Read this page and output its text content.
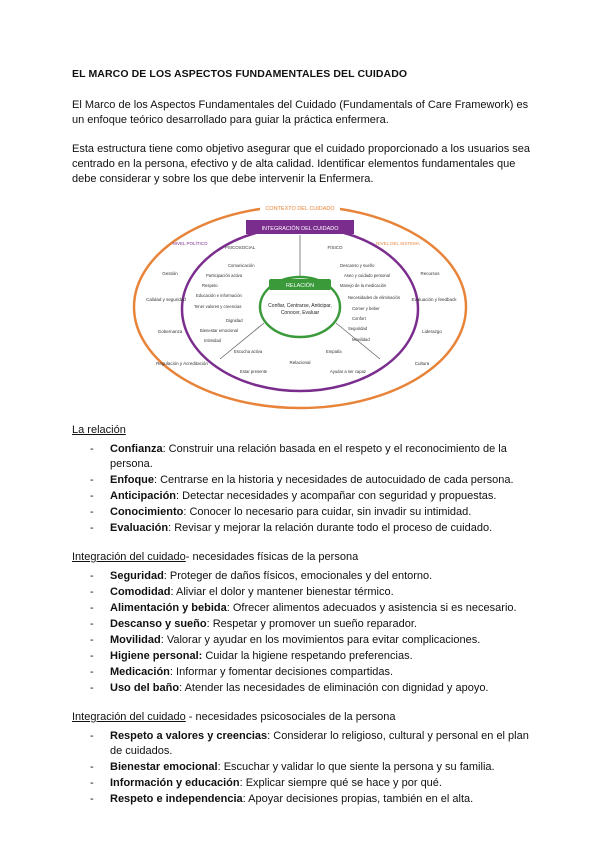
EL MARCO DE LOS ASPECTOS FUNDAMENTALES DEL CUIDADO

El Marco de los Aspectos Fundamentales del Cuidado (Fundamentals of Care Framework) es un enfoque teórico desarrollado para guiar la práctica enfermera.

Esta estructura tiene como objetivo asegurar que el cuidado proporcionado a los usuarios sea centrado en la persona, efectivo y de alta calidad. Identificar elementos fundamentales que debe considerar y sobre los que debe intervenir la Enfermera.

CONTEXTO DEL CUIDADO
INTEGRACIÓN DEL CUIDADO
RELACIÓN
Confiar, Centrarse, Anticipar,
Conocer, Evaluar
PSICOSOCIAL	FÍSICO
Relacional
NIVEL POLÍTICO	NIVEL DEL SISTEMA
Gestión
Calidad y seguridad
Gobernanza
Regulación y Acreditación
Recursos
Evaluación y feedback
Liderazgo
Cultura
Comunicación
Participación activa
Respeto
Educación e información
Tener valores y creencias
Dignidad
Bienestar emocional
Intimidad
Descanso y sueño
Aseo y cuidado personal
Manejo de la medicación
Necesidades de eliminación
Comer y beber
Confort
Seguridad
Movilidad
Escucha activa	Empatía
Estar presente	Ayudar a ser capaz
La relación
- Confianza: Construir una relación basada en el respeto y el reconocimiento de la persona.
- Enfoque: Centrarse en la historia y necesidades de autocuidado de cada persona.
- Anticipación: Detectar necesidades y acompañar con seguridad y propuestas.
- Conocimiento: Conocer lo necesario para cuidar, sin invadir su intimidad.
- Evaluación: Revisar y mejorar la relación durante todo el proceso de cuidado.
Integración del cuidado- necesidades físicas de la persona
- Seguridad: Proteger de daños físicos, emocionales y del entorno.
- Comodidad: Aliviar el dolor y mantener bienestar térmico.
- Alimentación y bebida: Ofrecer alimentos adecuados y asistencia si es necesario.
- Descanso y sueño: Respetar y promover un sueño reparador.
- Movilidad: Valorar y ayudar en los movimientos para evitar complicaciones.
- Higiene personal: Cuidar la higiene respetando preferencias.
- Medicación: Informar y fomentar decisiones compartidas.
- Uso del baño: Atender las necesidades de eliminación con dignidad y apoyo.
Integración del cuidado - necesidades psicosociales de la persona
- Respeto a valores y creencias: Considerar lo religioso, cultural y personal en el plan de cuidados.
- Bienestar emocional: Escuchar y validar lo que siente la persona y su familia.
- Información y educación: Explicar siempre qué se hace y por qué.
- Respeto e independencia: Apoyar decisiones propias, también en el alta.
